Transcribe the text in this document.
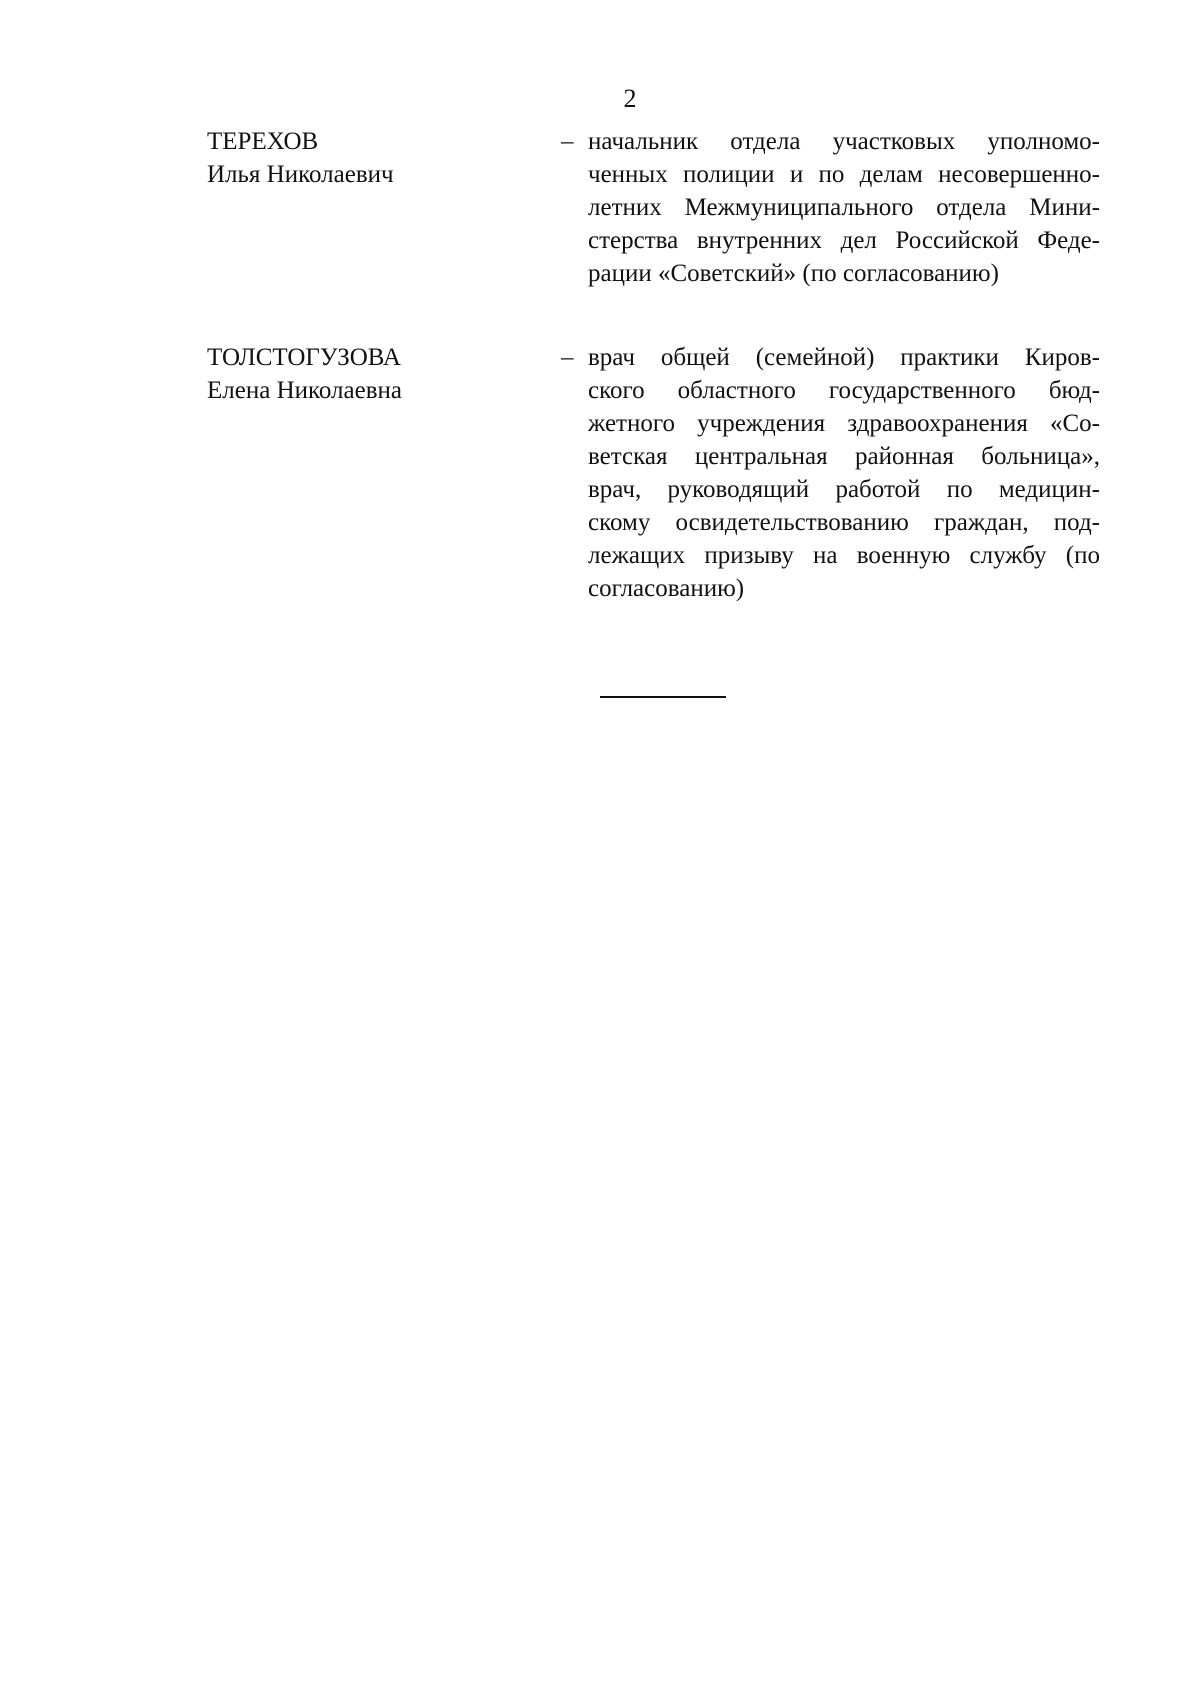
2
ТЕРЕХОВ
Илья Николаевич
– начальник отдела участковых уполномо-
ченных полиции и по делам несовершенно-
летних Межмуниципального отдела Мини-
стерства внутренних дел Российской Феде-
рации «Советский» (по согласованию)
ТОЛСТОГУЗОВА
Елена Николаевна
– врач общей (семейной) практики Киров-
ского областного государственного бюд-
жетного учреждения здравоохранения «Со-
ветская центральная районная больница»,
врач, руководящий работой по медицин-
скому освидетельствованию граждан, под-
лежащих призыву на военную службу (по
согласованию)
